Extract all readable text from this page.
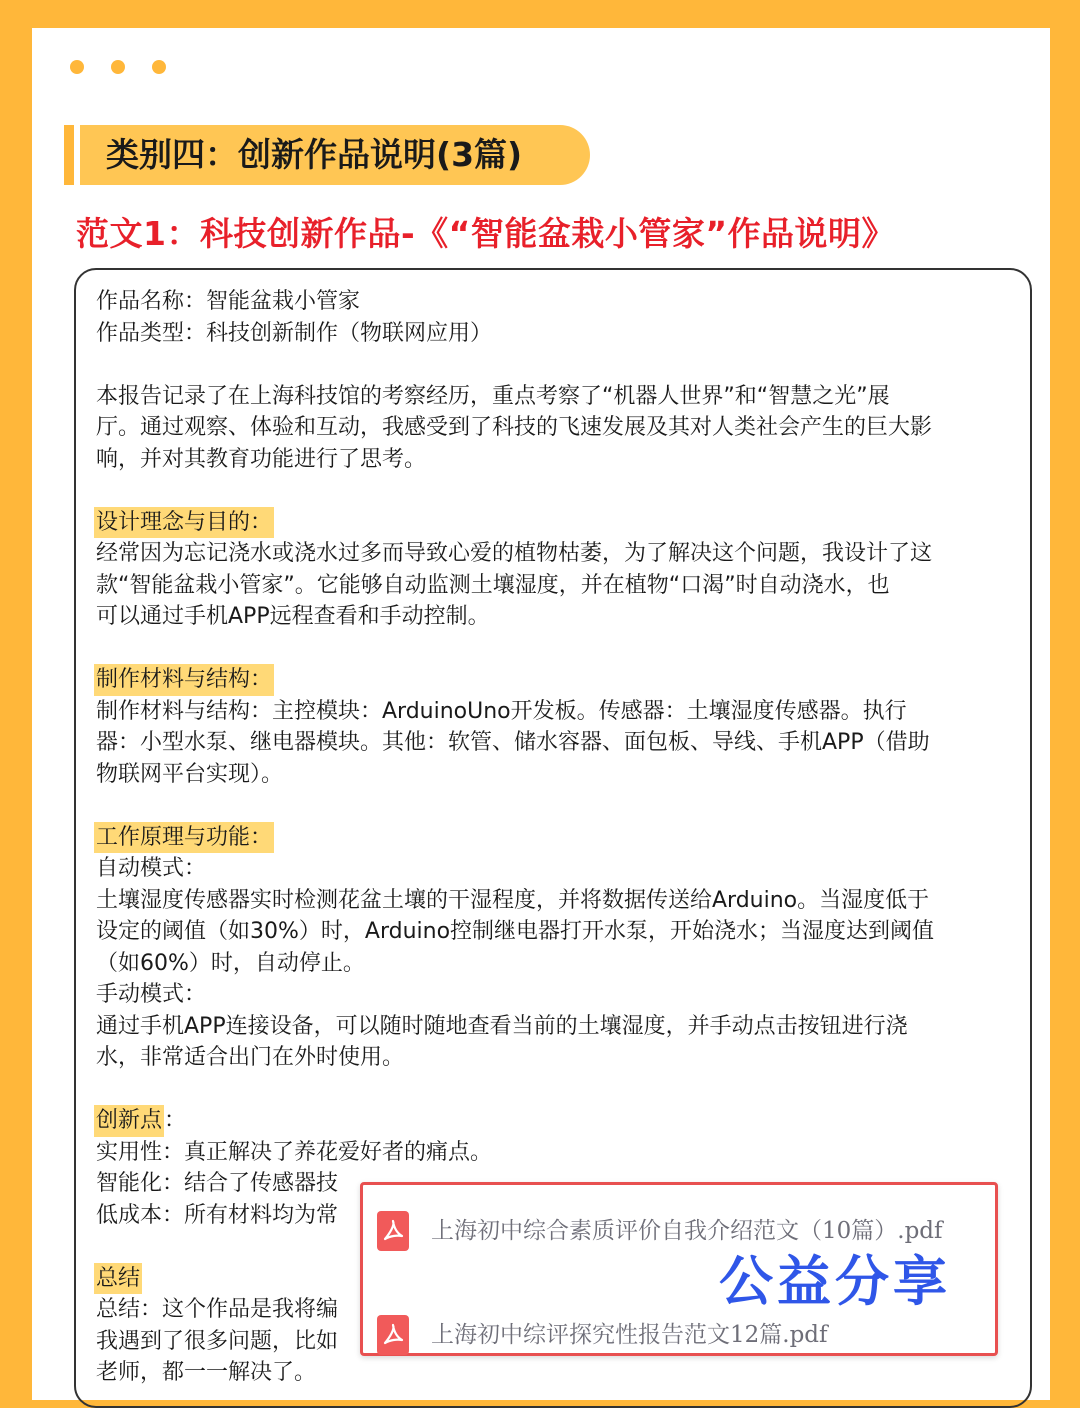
类别四：创新作品说明(3篇)
范文1：科技创新作品-《“智能盆栽小管家”作品说明》

作品名称：智能盆栽小管家

作品类型：科技创新制作（物联网应用）

本报告记录了在上海科技馆的考察经历，重点考察了“机器人世界”和“智慧之光”展

厅。通过观察、体验和互动，我感受到了科技的飞速发展及其对人类社会产生的巨大影

响，并对其教育功能进行了思考。

设计理念与目的：

经常因为忘记浇水或浇水过多而导致心爱的植物枯萎，为了解决这个问题，我设计了这

款“智能盆栽小管家”。它能够自动监测土壤湿度，并在植物“口渴”时自动浇水，也

可以通过手机APP远程查看和手动控制。

制作材料与结构：

制作材料与结构：主控模块：ArduinoUno开发板。传感器：土壤湿度传感器。执行

器：小型水泵、继电器模块。其他：软管、储水容器、面包板、导线、手机APP（借助

物联网平台实现）。

工作原理与功能：

自动模式：

土壤湿度传感器实时检测花盆土壤的干湿程度，并将数据传送给Arduino。当湿度低于

设定的阈值（如30%）时，Arduino控制继电器打开水泵，开始浇水；当湿度达到阈值

（如60%）时，自动停止。

手动模式：

通过手机APP连接设备，可以随时随地查看当前的土壤湿度，并手动点击按钮进行浇

水，非常适合出门在外时使用。

创新点：

实用性：真正解决了养花爱好者的痛点。

智能化：结合了传感器技

低成本：所有材料均为常

总结

总结：这个作品是我将编

我遇到了很多问题，比如

老师，都一一解决了。

上海初中综合素质评价自我介绍范文（10篇）.pdf
公益分享
上海初中综评探究性报告范文12篇.pdf
